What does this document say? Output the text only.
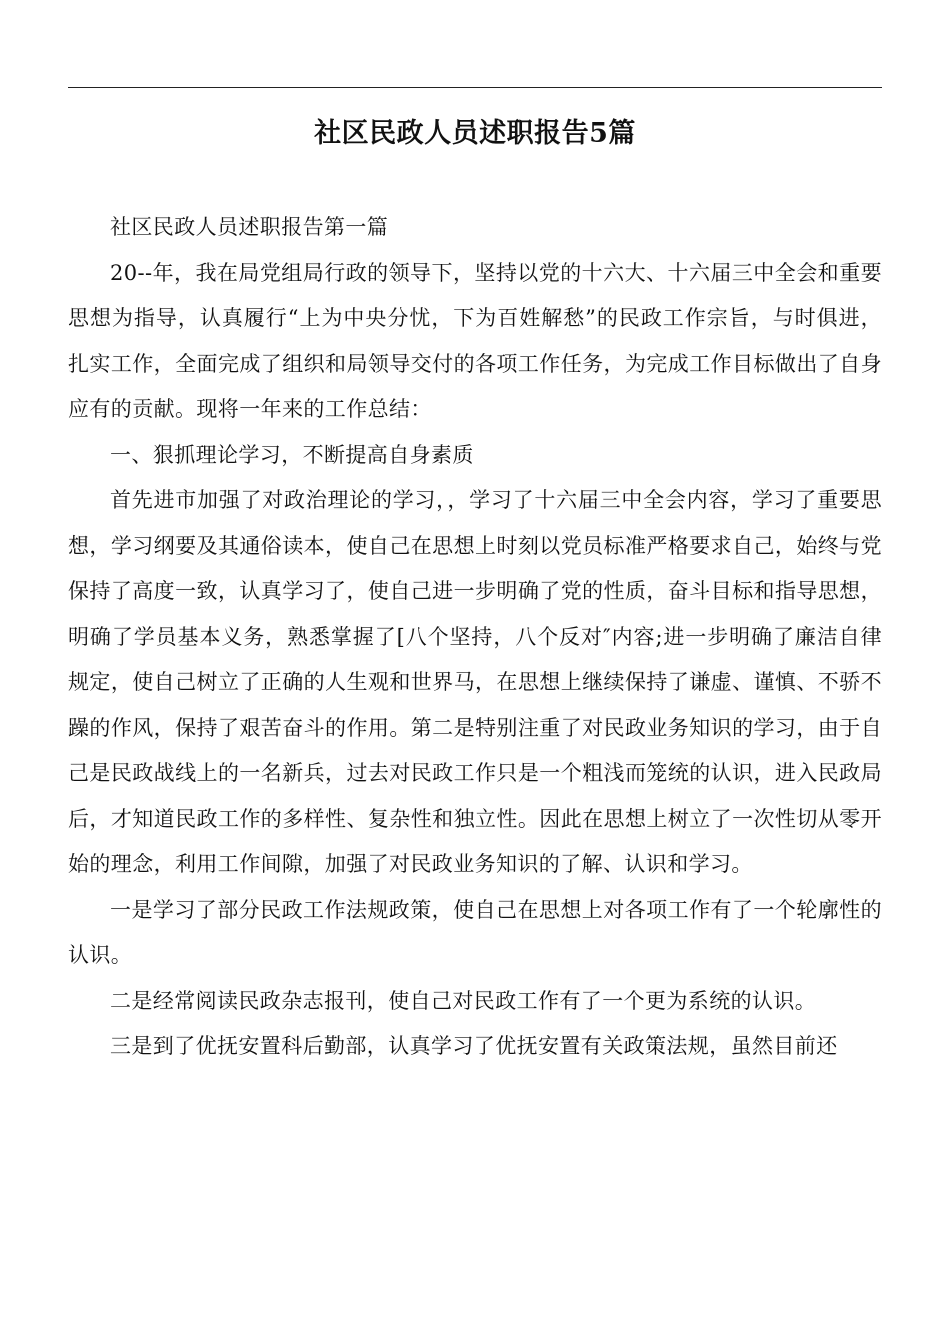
社区民政人员述职报告5篇

社区民政人员述职报告第一篇

20--年，我在局党组局行政的领导下，坚持以党的十六大、十六届三中全会和重要思想为指导，认真履行“上为中央分忧，下为百姓解愁”的民政工作宗旨，与时俱进，扎实工作，全面完成了组织和局领导交付的各项工作任务，为完成工作目标做出了自身应有的贡献。现将一年来的工作总结：

一、狠抓理论学习，不断提高自身素质

首先进市加强了对政治理论的学习，，学习了十六届三中全会内容，学习了重要思想，学习纲要及其通俗读本，使自己在思想上时刻以党员标准严格要求自己，始终与党保持了高度一致，认真学习了，使自己进一步明确了党的性质，奋斗目标和指导思想，明确了学员基本义务，熟悉掌握了[八个坚持，八个反对″内容;进一步明确了廉洁自律规定，使自己树立了正确的人生观和世界马，在思想上继续保持了谦虚、谨慎、不骄不躁的作风，保持了艰苦奋斗的作用。第二是特别注重了对民政业务知识的学习，由于自己是民政战线上的一名新兵，过去对民政工作只是一个粗浅而笼统的认识，进入民政局后，才知道民政工作的多样性、复杂性和独立性。因此在思想上树立了一次性切从零开始的理念，利用工作间隙，加强了对民政业务知识的了解、认识和学习。

一是学习了部分民政工作法规政策，使自己在思想上对各项工作有了一个轮廓性的认识。

二是经常阅读民政杂志报刊，使自己对民政工作有了一个更为系统的认识。

三是到了优抚安置科后勤部，认真学习了优抚安置有关政策法规，虽然目前还
